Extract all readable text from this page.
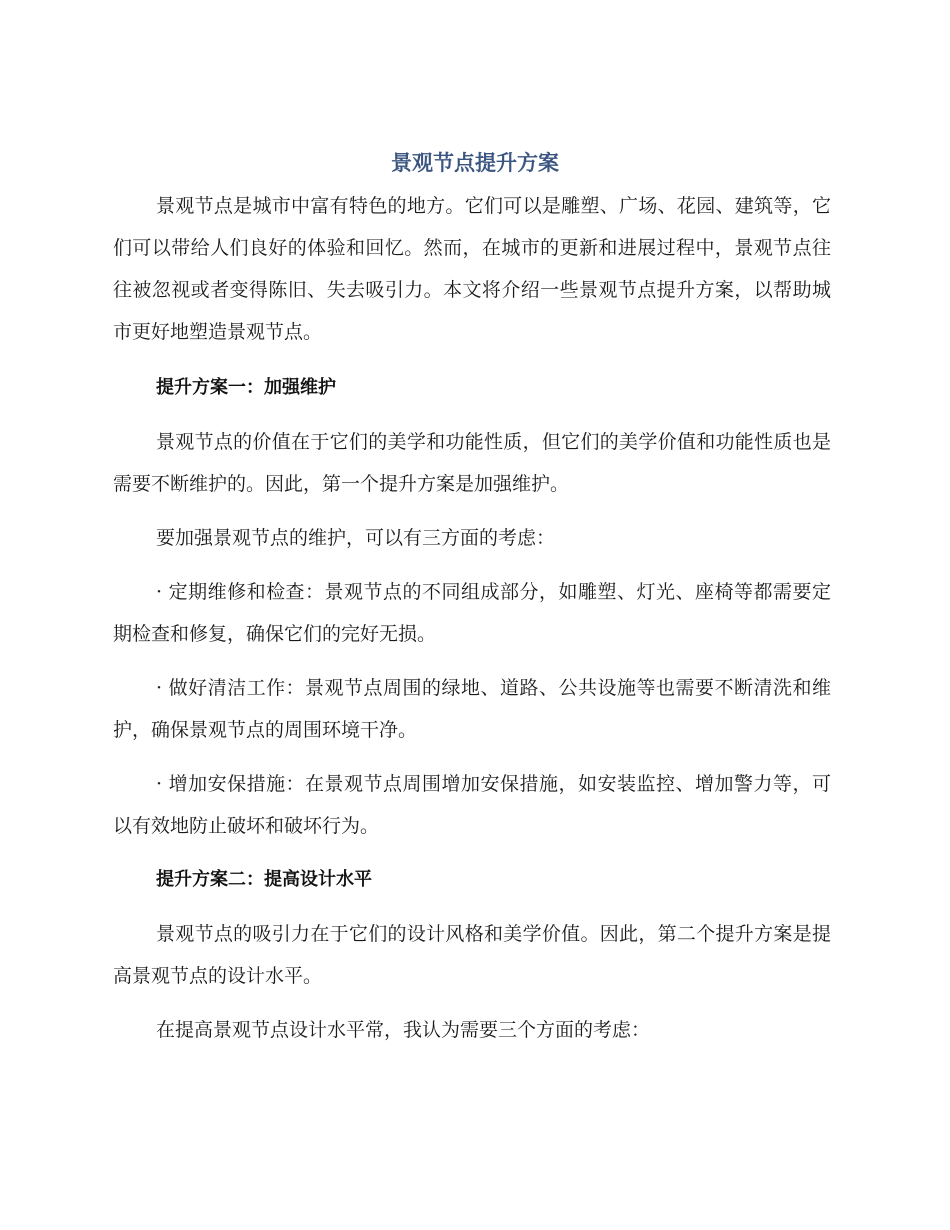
景观节点提升方案

景观节点是城市中富有特色的地方。它们可以是雕塑、广场、花园、建筑等，它们可以带给人们良好的体验和回忆。然而，在城市的更新和进展过程中，景观节点往往被忽视或者变得陈旧、失去吸引力。本文将介绍一些景观节点提升方案，以帮助城市更好地塑造景观节点。

提升方案一：加强维护

景观节点的价值在于它们的美学和功能性质，但它们的美学价值和功能性质也是需要不断维护的。因此，第一个提升方案是加强维护。

要加强景观节点的维护，可以有三方面的考虑：

· 定期维修和检查：景观节点的不同组成部分，如雕塑、灯光、座椅等都需要定期检查和修复，确保它们的完好无损。

· 做好清洁工作：景观节点周围的绿地、道路、公共设施等也需要不断清洗和维护，确保景观节点的周围环境干净。

· 增加安保措施：在景观节点周围增加安保措施，如安装监控、增加警力等，可以有效地防止破坏和破坏行为。

提升方案二：提高设计水平

景观节点的吸引力在于它们的设计风格和美学价值。因此，第二个提升方案是提高景观节点的设计水平。

在提高景观节点设计水平常，我认为需要三个方面的考虑：
